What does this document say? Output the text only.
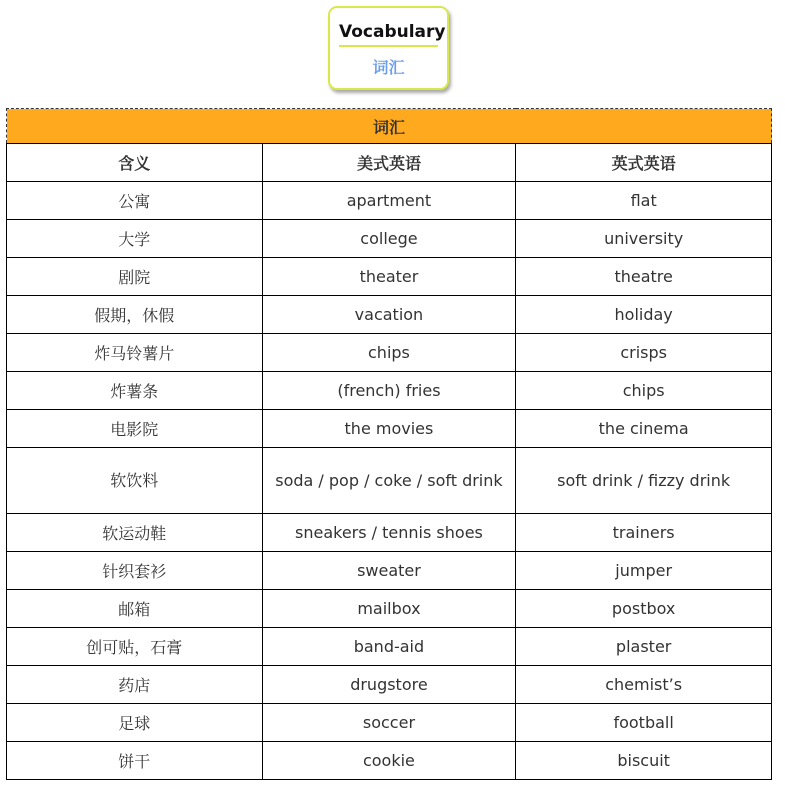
Vocabulary
词汇
词汇		
含义	美式英语	英式英语
公寓	apartment	flat
大学	college	university
剧院	theater	theatre
假期，休假	vacation	holiday
炸马铃薯片	chips	crisps
炸薯条	(french) fries	chips
电影院	the movies	the cinema
软饮料	soda / pop / coke / soft drink	soft drink / fizzy drink
软运动鞋	sneakers / tennis shoes	trainers
针织套衫	sweater	jumper
邮箱	mailbox	postbox
创可贴，石膏	band-aid	plaster
药店	drugstore	chemist’s
足球	soccer	football
饼干	cookie	biscuit
